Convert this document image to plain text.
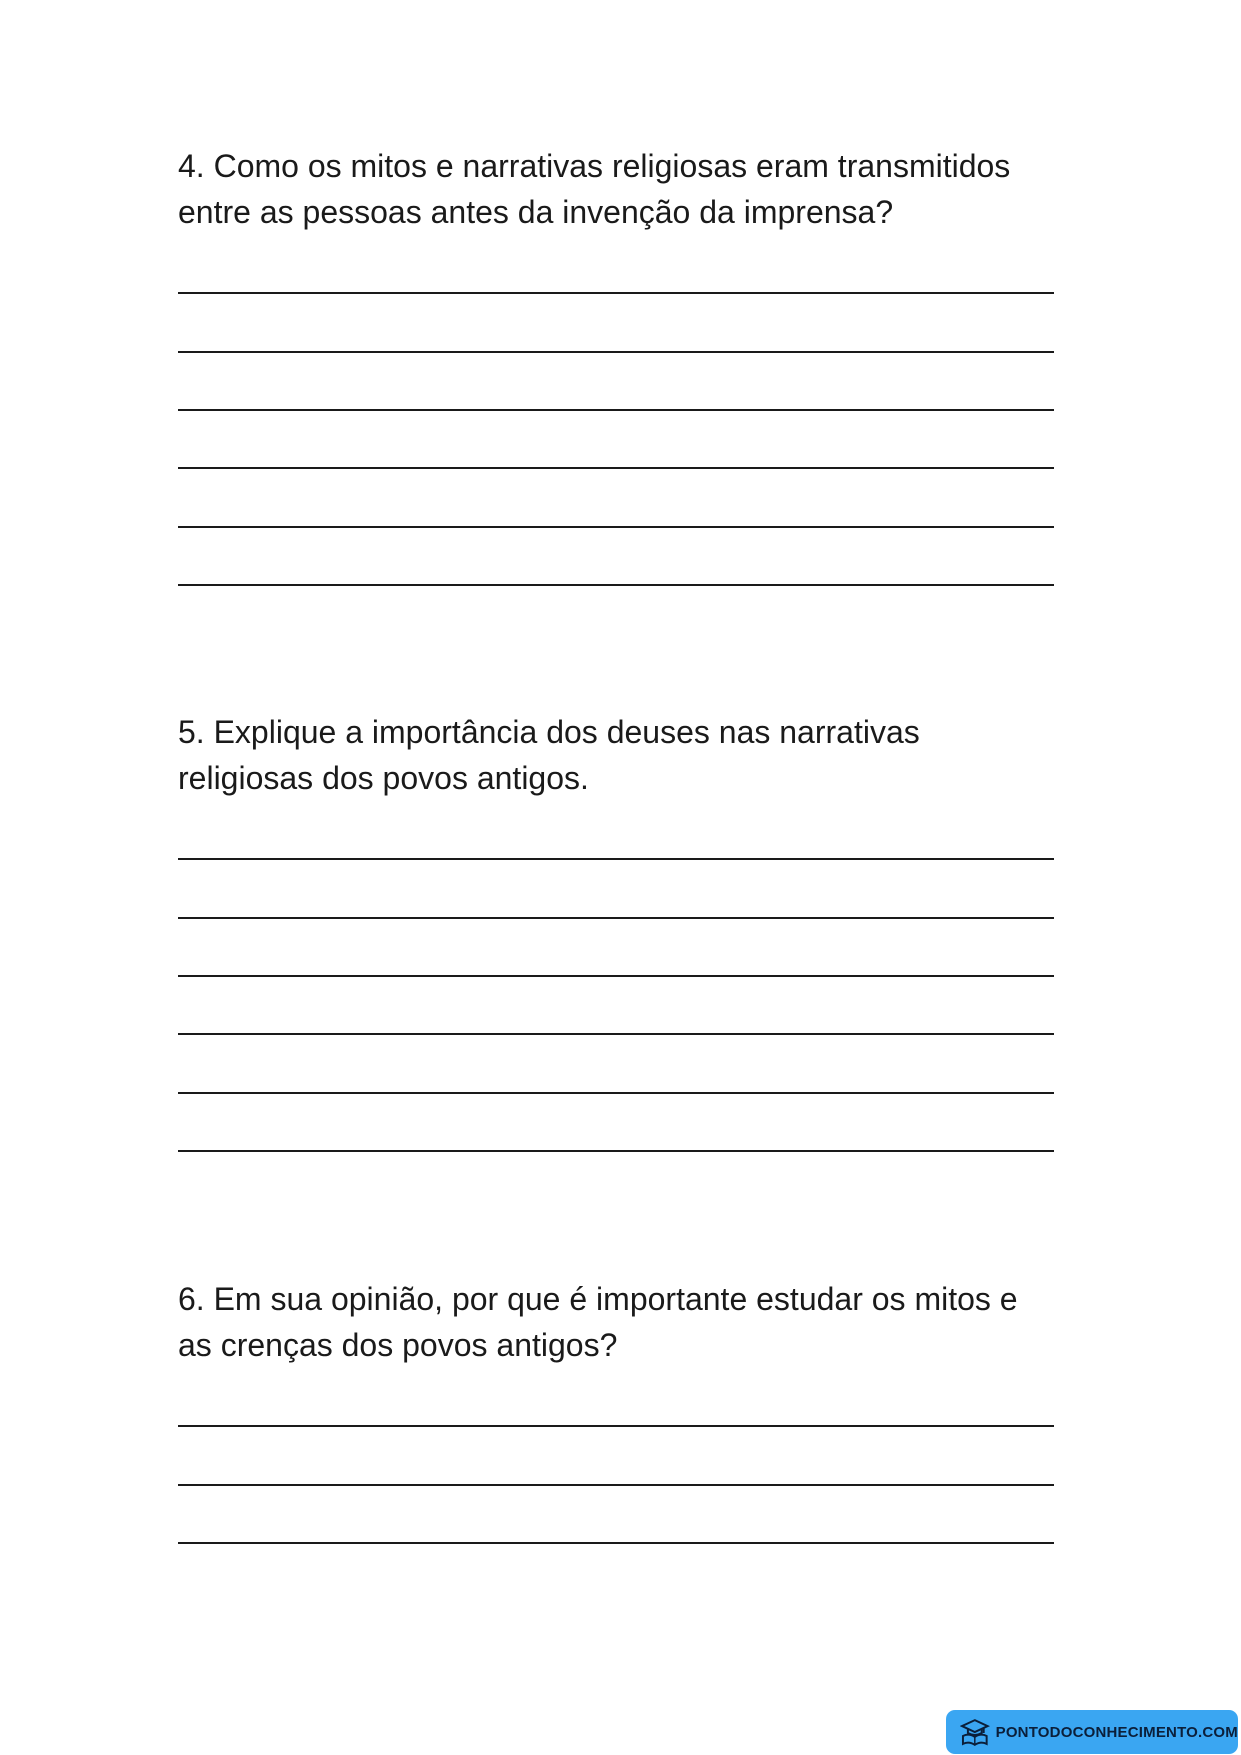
4. Como os mitos e narrativas religiosas eram transmitidos
entre as pessoas antes da invenção da imprensa?

5. Explique a importância dos deuses nas narrativas
religiosas dos povos antigos.

6. Em sua opinião, por que é importante estudar os mitos e
as crenças dos povos antigos?

PONTODOCONHECIMENTO.COM
